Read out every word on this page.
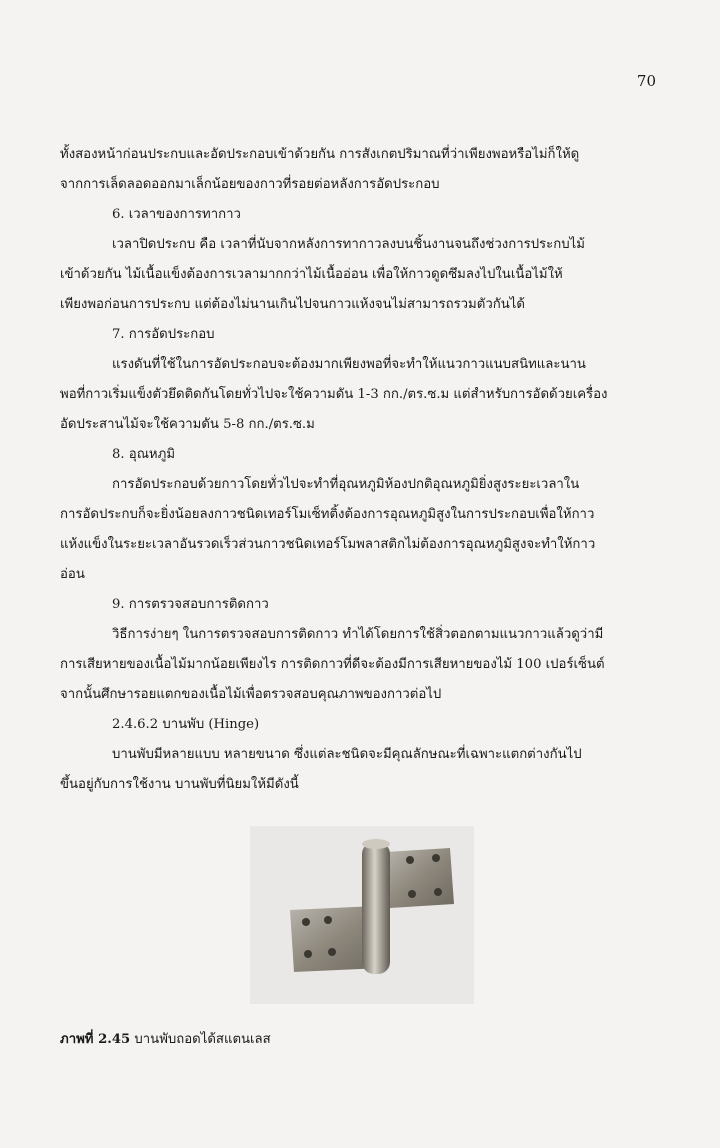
70

ทั้งสองหน้าก่อนประกบและอัดประกอบเข้าด้วยกัน การสังเกตปริมาณที่ว่าเพียงพอหรือไม่ก็ให้ดู

จากการเล็ดลอดออกมาเล็กน้อยของกาวที่รอยต่อหลังการอัดประกอบ

6. เวลาของการทากาว

เวลาปิดประกบ คือ เวลาที่นับจากหลังการทากาวลงบนชิ้นงานจนถึงช่วงการประกบไม้

เข้าด้วยกัน ไม้เนื้อแข็งต้องการเวลามากกว่าไม้เนื้ออ่อน เพื่อให้กาวดูดซึมลงไปในเนื้อไม้ให้

เพียงพอก่อนการประกบ แต่ต้องไม่นานเกินไปจนกาวแห้งจนไม่สามารถรวมตัวกันได้

7. การอัดประกอบ

แรงดันที่ใช้ในการอัดประกอบจะต้องมากเพียงพอที่จะทำให้แนวกาวแนบสนิทและนาน

พอที่กาวเริ่มแข็งตัวยึดติดกันโดยทั่วไปจะใช้ความดัน 1-3 กก./ตร.ซ.ม แต่สำหรับการอัดด้วยเครื่อง

อัดประสานไม้จะใช้ความดัน 5-8 กก./ตร.ซ.ม

8. อุณหภูมิ

การอัดประกอบด้วยกาวโดยทั่วไปจะทำที่อุณหภูมิห้องปกติอุณหภูมิยิ่งสูงระยะเวลาใน

การอัดประกบก็จะยิ่งน้อยลงกาวชนิดเทอร์โมเซ็ทติ้งต้องการอุณหภูมิสูงในการประกอบเพื่อให้กาว

แห้งแข็งในระยะเวลาอันรวดเร็วส่วนกาวชนิดเทอร์โมพลาสติกไม่ต้องการอุณหภูมิสูงจะทำให้กาว

อ่อน

9. การตรวจสอบการติดกาว

วิธีการง่ายๆ ในการตรวจสอบการติดกาว ทำได้โดยการใช้สิ่วตอกตามแนวกาวแล้วดูว่ามี

การเสียหายของเนื้อไม้มากน้อยเพียงไร การติดกาวที่ดีจะต้องมีการเสียหายของไม้ 100 เปอร์เซ็นต์

จากนั้นศึกษารอยแตกของเนื้อไม้เพื่อตรวจสอบคุณภาพของกาวต่อไป

2.4.6.2 บานพับ (Hinge)

บานพับมีหลายแบบ หลายขนาด ซึ่งแต่ละชนิดจะมีคุณลักษณะที่เฉพาะแตกต่างกันไป

ขึ้นอยู่กับการใช้งาน บานพับที่นิยมให้มีดังนี้

ภาพที่ 2.45 บานพับถอดได้สแตนเลส
